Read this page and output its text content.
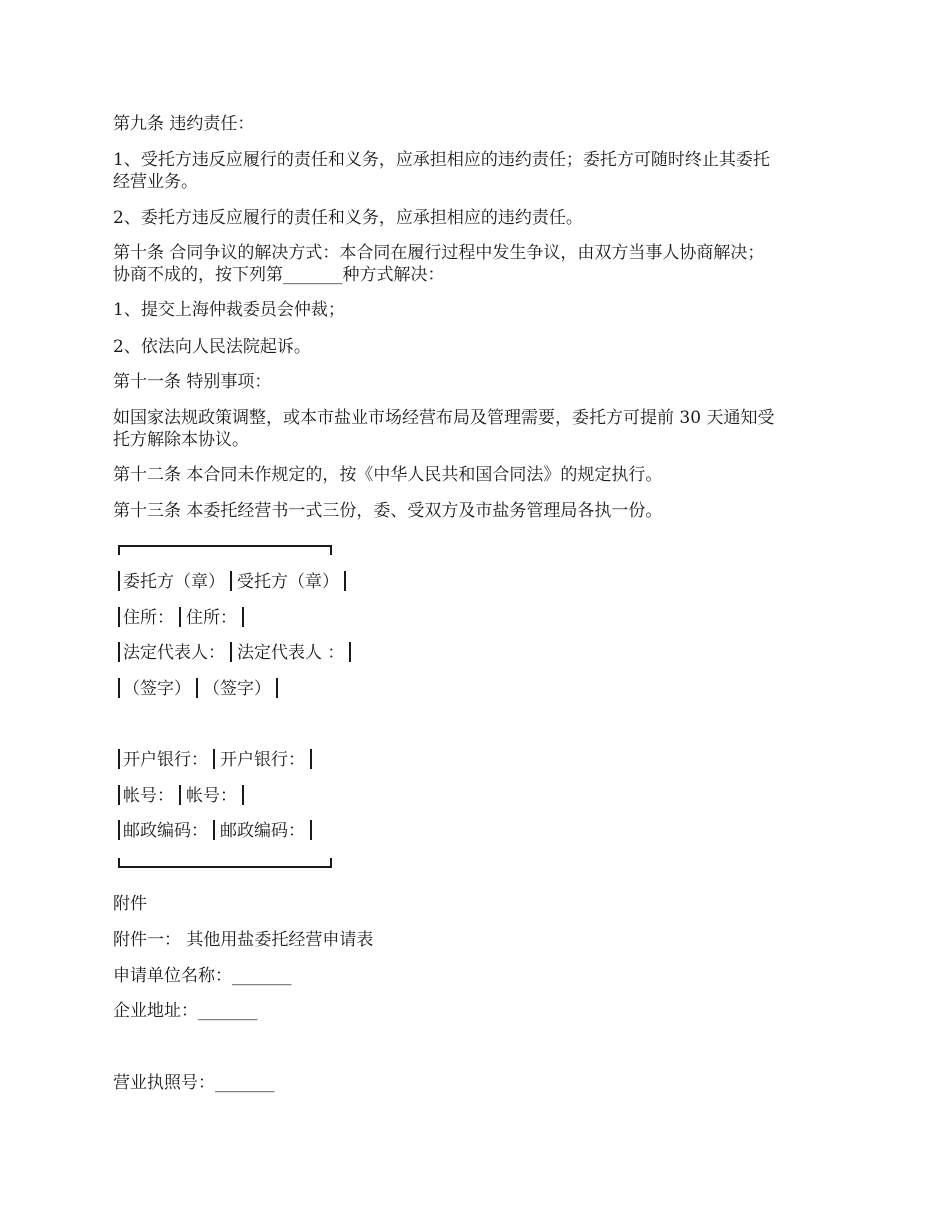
第九条 违约责任：
1、受托方违反应履行的责任和义务，应承担相应的违约责任；委托方可随时终止其委托
经营业务。
2、委托方违反应履行的责任和义务，应承担相应的违约责任。
第十条 合同争议的解决方式：本合同在履行过程中发生争议，由双方当事人协商解决；
协商不成的，按下列第_______种方式解决：
1、提交上海仲裁委员会仲裁；
2、依法向人民法院起诉。
第十一条 特别事项：
如国家法规政策调整，或本市盐业市场经营布局及管理需要，委托方可提前 30 天通知受
托方解除本协议。
第十二条 本合同未作规定的，按《中华人民共和国合同法》的规定执行。
第十三条 本委托经营书一式三份，委、受双方及市盐务管理局各执一份。
委托方（章） 受托方（章）
住所： 住所：
法定代表人： 法定代表人 ：
（签字） （签字）
开户银行： 开户银行：
帐号： 帐号：
邮政编码： 邮政编码：
附件
附件一： 其他用盐委托经营申请表
申请单位名称：_______
企业地址：_______
营业执照号：_______
